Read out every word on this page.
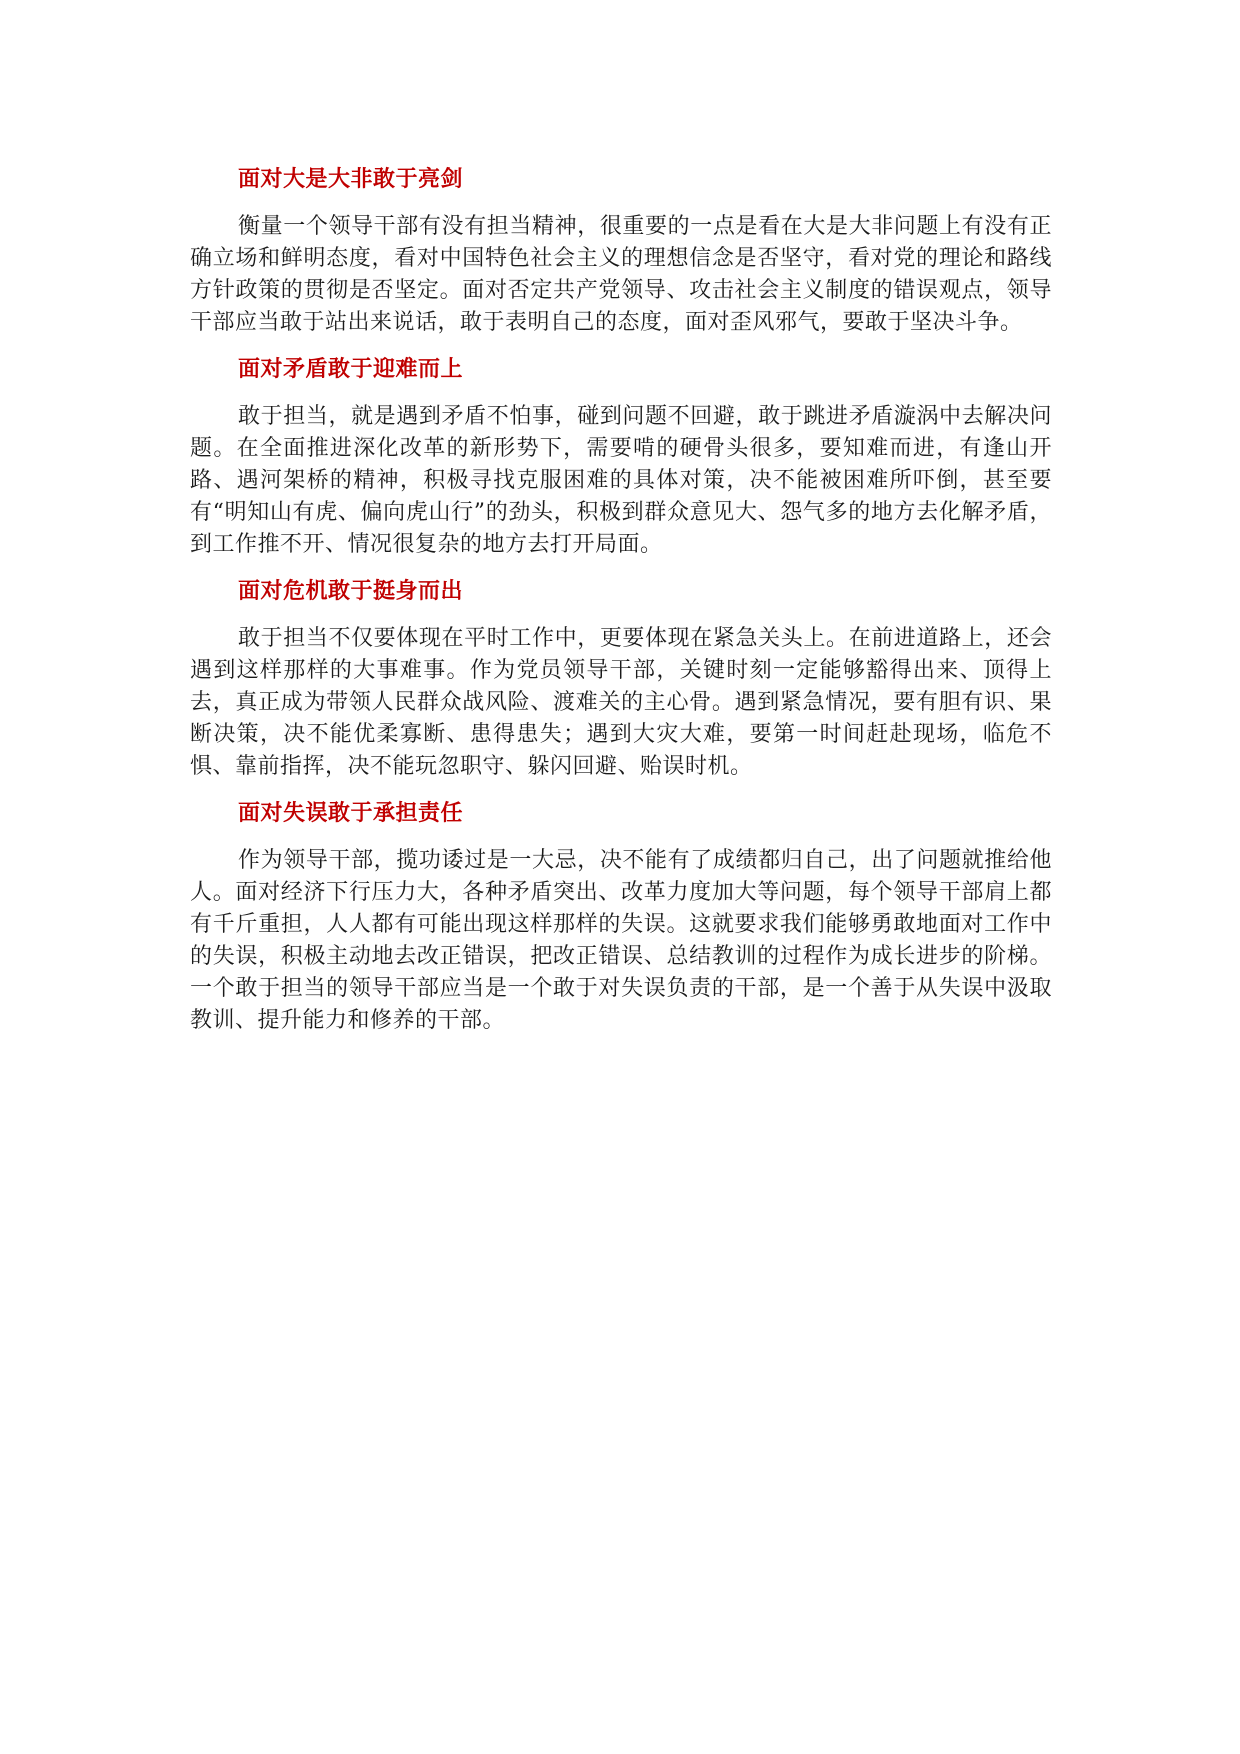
面对大是大非敢于亮剑

衡量一个领导干部有没有担当精神，很重要的一点是看在大是大非问题上有没有正确立场和鲜明态度，看对中国特色社会主义的理想信念是否坚守，看对党的理论和路线方针政策的贯彻是否坚定。面对否定共产党领导、攻击社会主义制度的错误观点，领导干部应当敢于站出来说话，敢于表明自己的态度，面对歪风邪气，要敢于坚决斗争。

面对矛盾敢于迎难而上

敢于担当，就是遇到矛盾不怕事，碰到问题不回避，敢于跳进矛盾漩涡中去解决问题。在全面推进深化改革的新形势下，需要啃的硬骨头很多，要知难而进，有逢山开路、遇河架桥的精神，积极寻找克服困难的具体对策，决不能被困难所吓倒，甚至要有“明知山有虎、偏向虎山行”的劲头，积极到群众意见大、怨气多的地方去化解矛盾，到工作推不开、情况很复杂的地方去打开局面。

面对危机敢于挺身而出

敢于担当不仅要体现在平时工作中，更要体现在紧急关头上。在前进道路上，还会遇到这样那样的大事难事。作为党员领导干部，关键时刻一定能够豁得出来、顶得上去，真正成为带领人民群众战风险、渡难关的主心骨。遇到紧急情况，要有胆有识、果断决策，决不能优柔寡断、患得患失；遇到大灾大难，要第一时间赶赴现场，临危不惧、靠前指挥，决不能玩忽职守、躲闪回避、贻误时机。

面对失误敢于承担责任

作为领导干部，揽功诿过是一大忌，决不能有了成绩都归自己，出了问题就推给他人。面对经济下行压力大，各种矛盾突出、改革力度加大等问题，每个领导干部肩上都有千斤重担，人人都有可能出现这样那样的失误。这就要求我们能够勇敢地面对工作中的失误，积极主动地去改正错误，把改正错误、总结教训的过程作为成长进步的阶梯。一个敢于担当的领导干部应当是一个敢于对失误负责的干部，是一个善于从失误中汲取教训、提升能力和修养的干部。
